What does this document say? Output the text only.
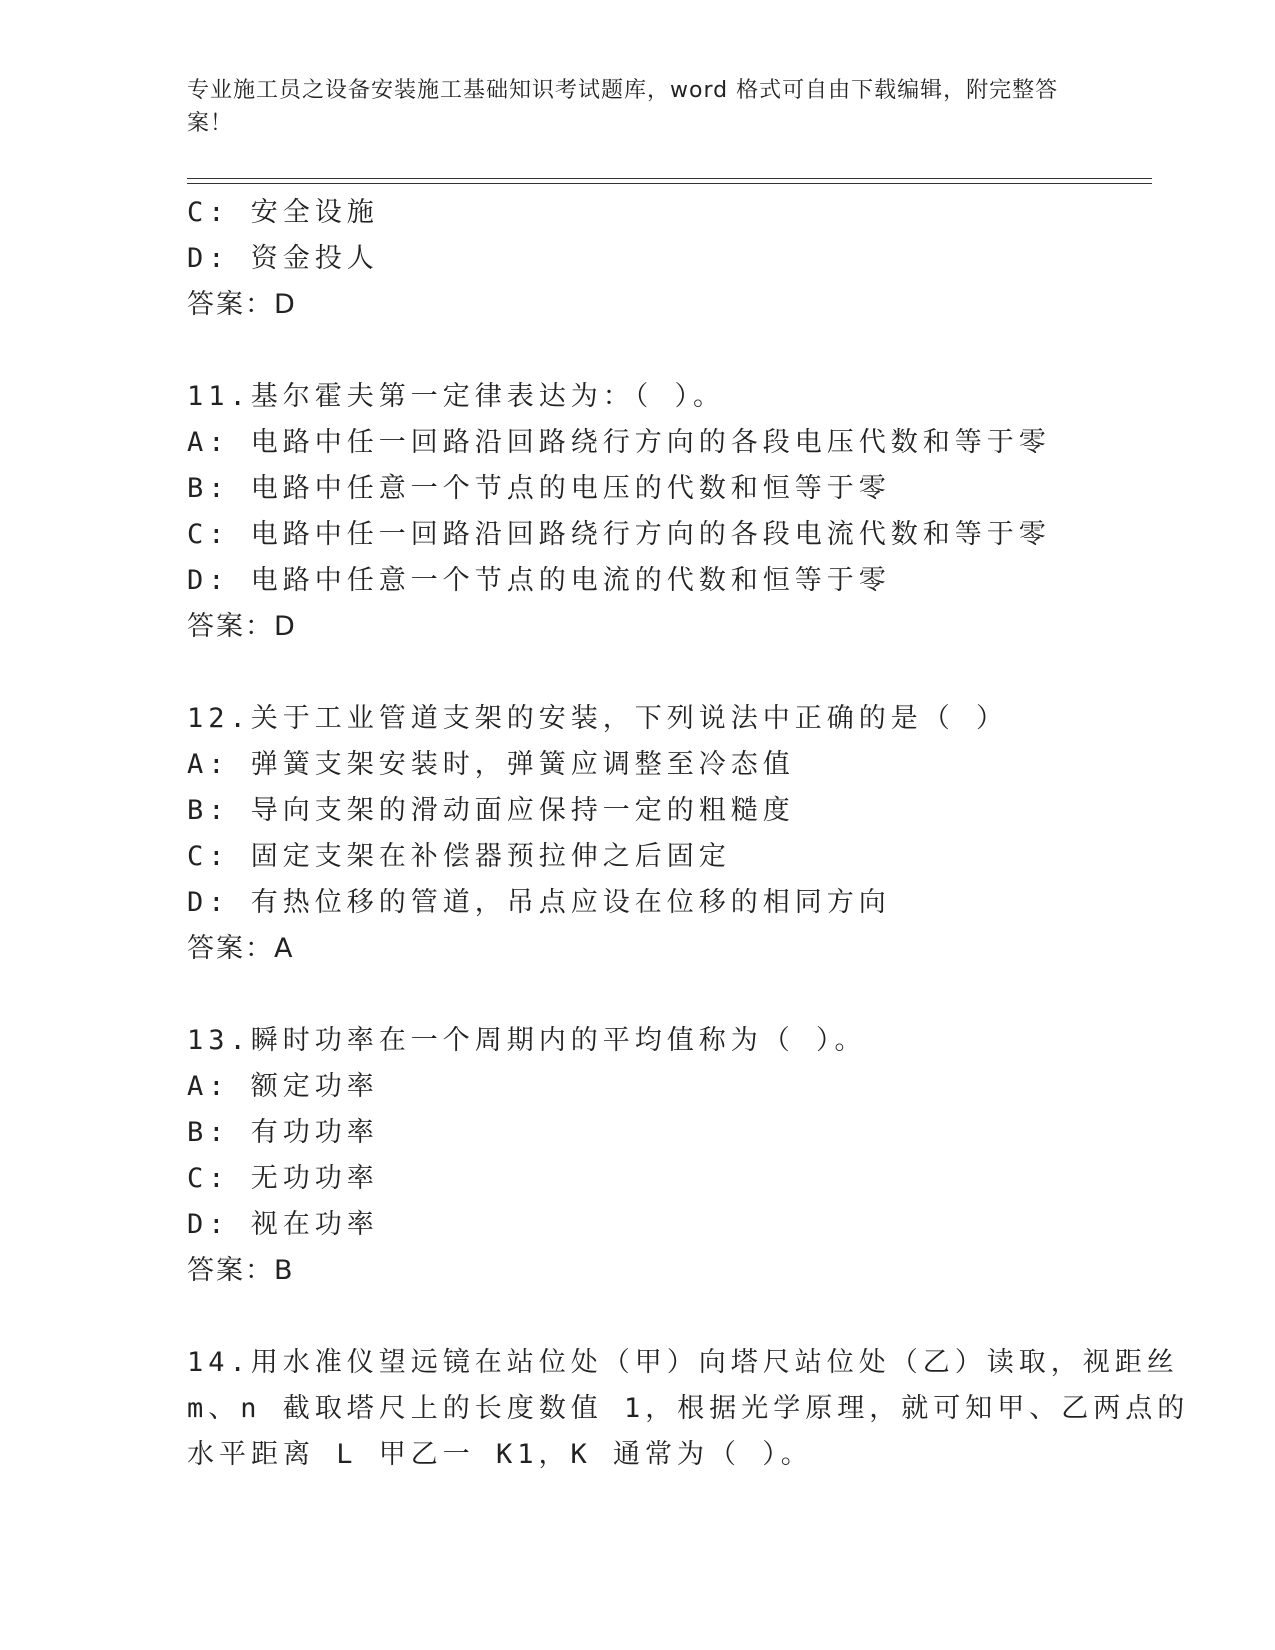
专业施工员之设备安装施工基础知识考试题库，word 格式可自由下载编辑，附完整答案！
C: 安全设施
D: 资金投人
答案：D
11.基尔霍夫第一定律表达为：（ ）。
A: 电路中任一回路沿回路绕行方向的各段电压代数和等于零
B: 电路中任意一个节点的电压的代数和恒等于零
C: 电路中任一回路沿回路绕行方向的各段电流代数和等于零
D: 电路中任意一个节点的电流的代数和恒等于零
答案：D
12.关于工业管道支架的安装，下列说法中正确的是（ ）
A: 弹簧支架安装时，弹簧应调整至冷态值
B: 导向支架的滑动面应保持一定的粗糙度
C: 固定支架在补偿器预拉伸之后固定
D: 有热位移的管道，吊点应设在位移的相同方向
答案：A
13.瞬时功率在一个周期内的平均值称为（ ）。
A: 额定功率
B: 有功功率
C: 无功功率
D: 视在功率
答案：B
14.用水准仪望远镜在站位处（甲）向塔尺站位处（乙）读取，视距丝
m、n 截取塔尺上的长度数值 1，根据光学原理，就可知甲、乙两点的
水平距离 L 甲乙一 K1，K 通常为（ ）。
